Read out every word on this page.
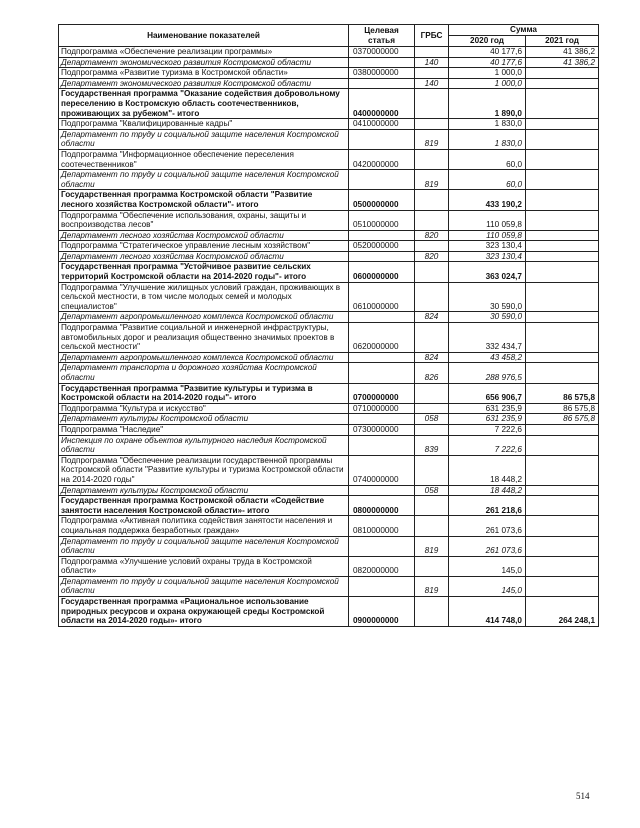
Наименование показателей	Целевая статья	ГРБС	Сумма	
			2020 год	2021 год
Подпрограмма «Обеспечение реализации программы»	0370000000		40 177,6	41 386,2
Департамент экономического развития Костромской области		140	40 177,6	41 386,2
Подпрограмма «Развитие туризма в Костромской области»	0380000000		1 000,0	
Департамент экономического развития Костромской области		140	1 000,0	
Государственная программа "Оказание содействия добровольному переселению в Костромскую область соотечественников, проживающих за рубежом"- итого	0400000000		1 890,0	
Подпрограмма "Квалифицированные кадры"	0410000000		1 830,0	
Департамент по труду и социальной защите населения Костромской области		819	1 830,0	
Подпрограмма "Информационное обеспечение переселения соотечественников"	0420000000		60,0	
Департамент по труду и социальной защите населения Костромской области		819	60,0	
Государственная программа Костромской области "Развитие лесного хозяйства Костромской области"- итого	0500000000		433 190,2	
Подпрограмма "Обеспечение использования, охраны, защиты и воспроизводства лесов"	0510000000		110 059,8	
Департамент лесного хозяйства Костромской области		820	110 059,8	
Подпрограмма "Стратегическое управление лесным хозяйством"	0520000000		323 130,4	
Департамент лесного хозяйства Костромской области		820	323 130,4	
Государственная программа "Устойчивое развитие сельских территорий Костромской области на 2014-2020 годы"- итого	0600000000		363 024,7	
Подпрограмма "Улучшение жилищных условий граждан, проживающих в сельской местности, в том числе молодых семей и молодых специалистов"	0610000000		30 590,0	
Департамент агропромышленного комплекса Костромской области		824	30 590,0	
Подпрограмма "Развитие социальной и инженерной инфраструктуры, автомобильных дорог и реализация общественно значимых проектов в сельской местности"	0620000000		332 434,7	
Департамент агропромышленного комплекса Костромской области		824	43 458,2	
Департамент транспорта и дорожного хозяйства Костромской области		826	288 976,5	
Государственная программа "Развитие культуры и туризма в Костромской области на 2014-2020 годы"- итого	0700000000		656 906,7	86 575,8
Подпрограмма "Культура и искусство"	0710000000		631 235,9	86 575,8
Департамент культуры Костромской области		058	631 235,9	86 575,8
Подпрограмма "Наследие"	0730000000		7 222,6	
Инспекция по охране объектов культурного наследия Костромской области		839	7 222,6	
Подпрограмма "Обеспечение реализации государственной программы Костромской области "Развитие культуры и туризма Костромской области на 2014-2020 годы"	0740000000		18 448,2	
Департамент культуры Костромской области		058	18 448,2	
Государственная программа Костромской области «Содействие занятости населения Костромской области»- итого	0800000000		261 218,6	
Подпрограмма «Активная политика содействия занятости населения и социальная поддержка безработных граждан»	0810000000		261 073,6	
Департамент по труду и социальной защите населения Костромской области		819	261 073,6	
Подпрограмма «Улучшение условий охраны труда в Костромской области»	0820000000		145,0	
Департамент по труду и социальной защите населения Костромской области		819	145,0	
Государственная программа «Рациональное использование природных ресурсов и охрана окружающей среды Костромской области на 2014-2020 годы»- итого	0900000000		414 748,0	264 248,1
514
